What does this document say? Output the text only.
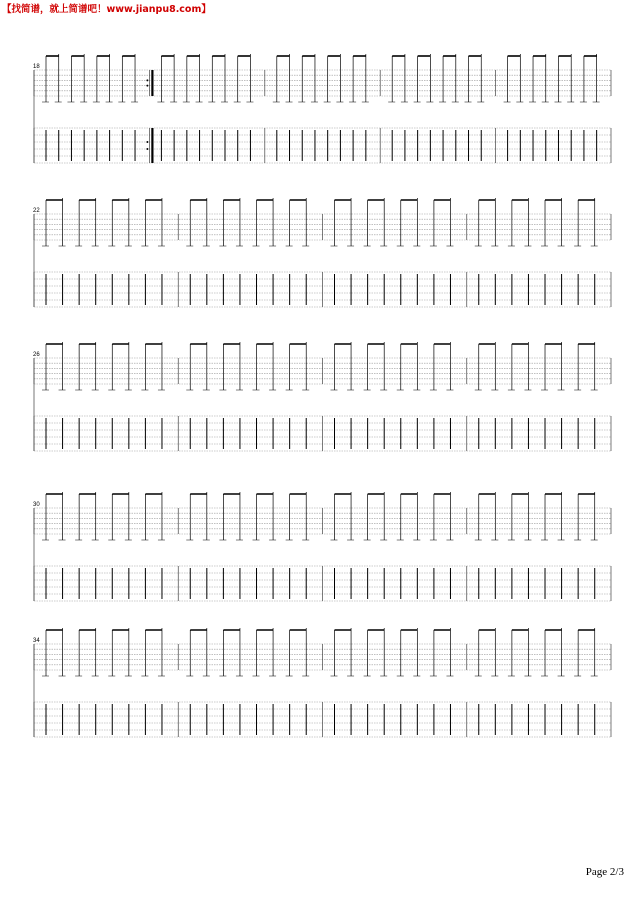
【找简谱，就上简谱吧！www.jianpu8.com】
Page 2/3
18
22
26
30
34
